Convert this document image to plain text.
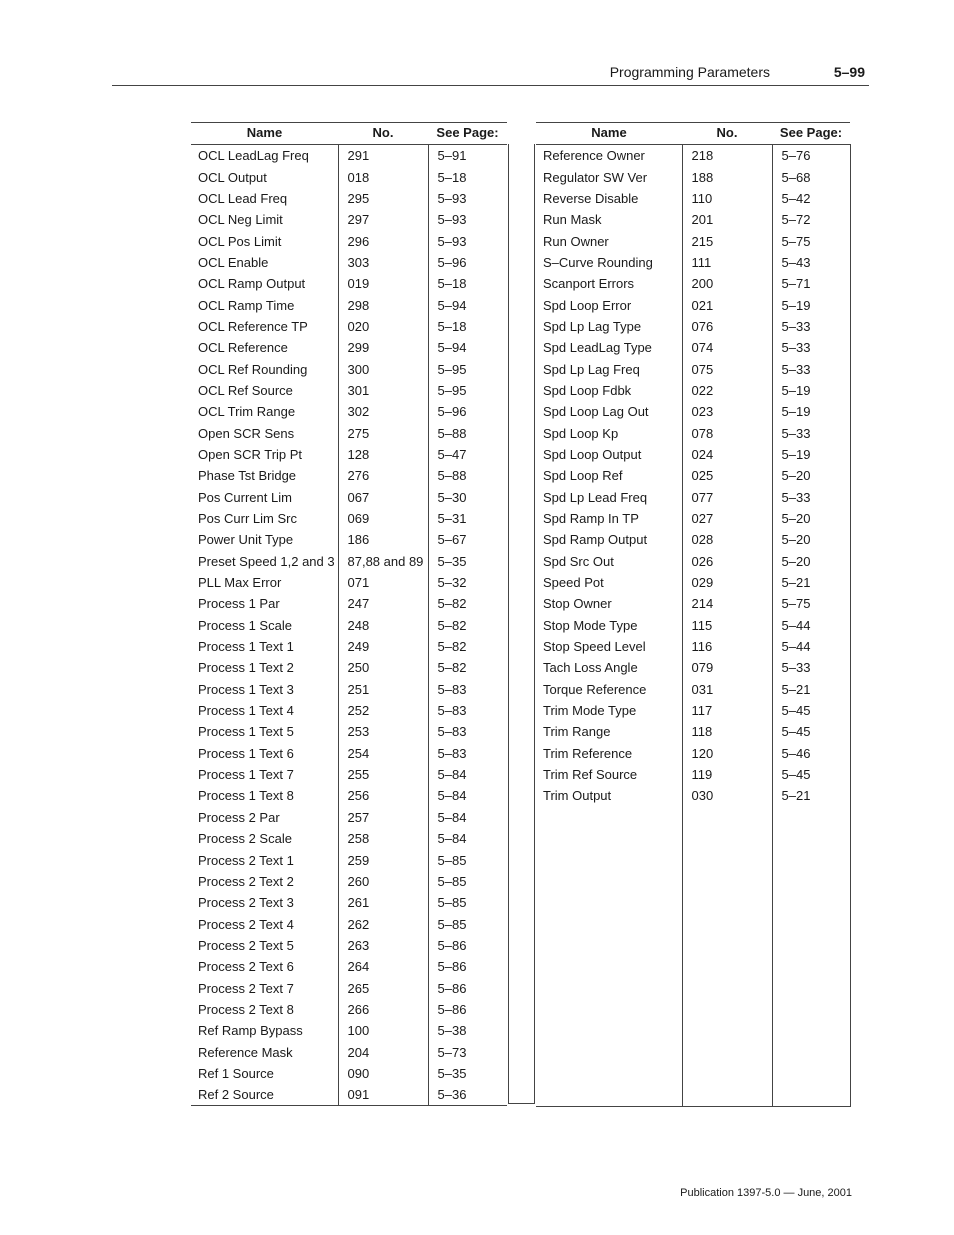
Programming Parameters	5–99
Name	No.	See Page:
OCL LeadLag Freq	291	5–91
OCL Output	018	5–18
OCL Lead Freq	295	5–93
OCL Neg Limit	297	5–93
OCL Pos Limit	296	5–93
OCL Enable	303	5–96
OCL Ramp Output	019	5–18
OCL Ramp Time	298	5–94
OCL Reference TP	020	5–18
OCL Reference	299	5–94
OCL Ref Rounding	300	5–95
OCL Ref Source	301	5–95
OCL Trim Range	302	5–96
Open SCR Sens	275	5–88
Open SCR Trip Pt	128	5–47
Phase Tst Bridge	276	5–88
Pos Current Lim	067	5–30
Pos Curr Lim Src	069	5–31
Power Unit Type	186	5–67
Preset Speed 1,2 and 3	87,88 and 89	5–35
PLL Max Error	071	5–32
Process 1 Par	247	5–82
Process 1 Scale	248	5–82
Process 1 Text 1	249	5–82
Process 1 Text 2	250	5–82
Process 1 Text 3	251	5–83
Process 1 Text 4	252	5–83
Process 1 Text 5	253	5–83
Process 1 Text 6	254	5–83
Process 1 Text 7	255	5–84
Process 1 Text 8	256	5–84
Process 2 Par	257	5–84
Process 2 Scale	258	5–84
Process 2 Text 1	259	5–85
Process 2 Text 2	260	5–85
Process 2 Text 3	261	5–85
Process 2 Text 4	262	5–85
Process 2 Text 5	263	5–86
Process 2 Text 6	264	5–86
Process 2 Text 7	265	5–86
Process 2 Text 8	266	5–86
Ref Ramp Bypass	100	5–38
Reference Mask	204	5–73
Ref 1 Source	090	5–35
Ref 2 Source	091	5–36
Name	No.	See Page:
Reference Owner	218	5–76
Regulator SW Ver	188	5–68
Reverse Disable	110	5–42
Run Mask	201	5–72
Run Owner	215	5–75
S–Curve Rounding	111	5–43
Scanport Errors	200	5–71
Spd Loop Error	021	5–19
Spd Lp Lag Type	076	5–33
Spd LeadLag Type	074	5–33
Spd Lp Lag Freq	075	5–33
Spd Loop Fdbk	022	5–19
Spd Loop Lag Out	023	5–19
Spd Loop Kp	078	5–33
Spd Loop Output	024	5–19
Spd Loop Ref	025	5–20
Spd Lp Lead Freq	077	5–33
Spd Ramp In TP	027	5–20
Spd Ramp Output	028	5–20
Spd Src Out	026	5–20
Speed Pot	029	5–21
Stop Owner	214	5–75
Stop Mode Type	115	5–44
Stop Speed Level	116	5–44
Tach Loss Angle	079	5–33
Torque Reference	031	5–21
Trim Mode Type	117	5–45
Trim Range	118	5–45
Trim Reference	120	5–46
Trim Ref Source	119	5–45
Trim Output	030	5–21

Publication 1397-5.0 — June, 2001
